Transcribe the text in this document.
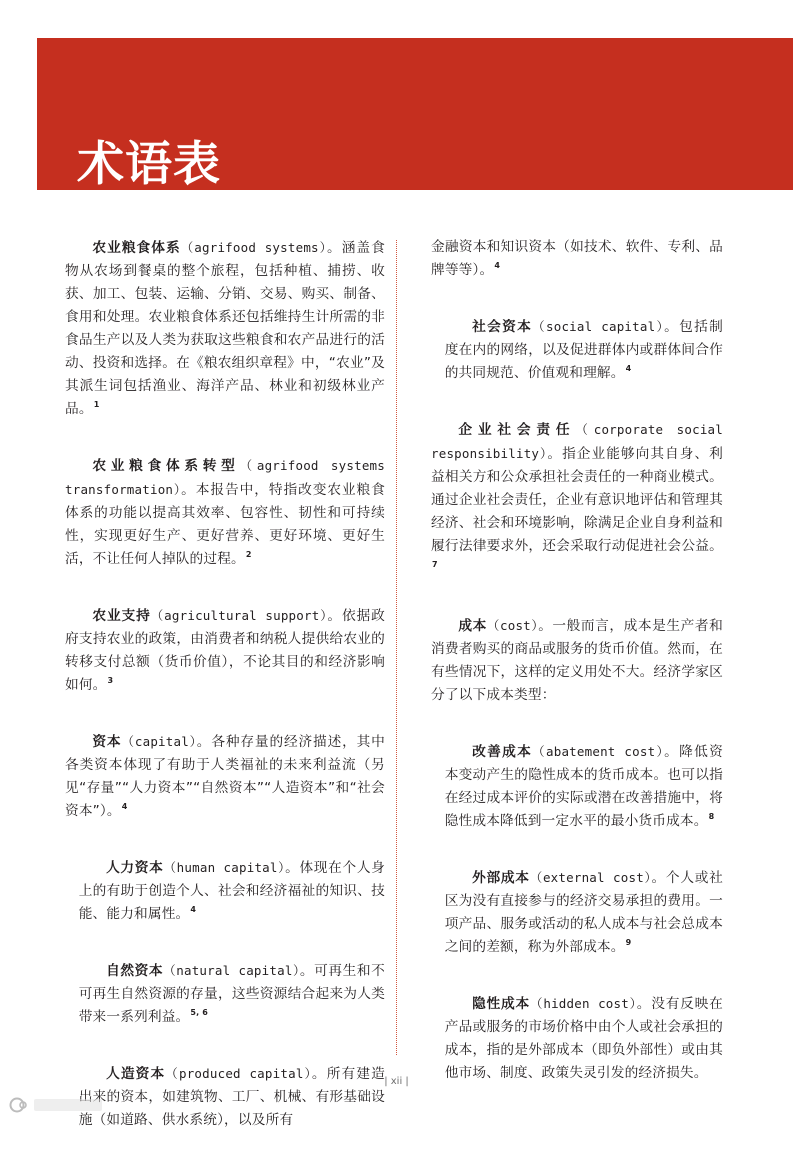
术语表

农业粮食体系（agrifood systems）。涵盖食物从农场到餐桌的整个旅程，包括种植、捕捞、收获、加工、包装、运输、分销、交易、购买、制备、食用和处理。农业粮食体系还包括维持生计所需的非食品生产以及人类为获取这些粮食和农产品进行的活动、投资和选择。在《粮农组织章程》中，“农业”及其派生词包括渔业、海洋产品、林业和初级林业产品。$^1$

农业粮食体系转型（agrifood systems transformation）。本报告中，特指改变农业粮食体系的功能以提高其效率、包容性、韧性和可持续性，实现更好生产、更好营养、更好环境、更好生活，不让任何人掉队的过程。$^2$

农业支持（agricultural support）。依据政府支持农业的政策，由消费者和纳税人提供给农业的转移支付总额（货币价值），不论其目的和经济影响如何。$^3$

资本（capital）。各种存量的经济描述，其中各类资本体现了有助于人类福祉的未来利益流（另见“存量”“人力资本”“自然资本”“人造资本”和“社会资本”）。$^4$

人力资本（human capital）。体现在个人身上的有助于创造个人、社会和经济福祉的知识、技能、能力和属性。$^4$

自然资本（natural capital）。可再生和不可再生自然资源的存量，这些资源结合起来为人类带来一系列利益。$^{5, 6}$

人造资本（produced capital）。所有建造出来的资本，如建筑物、工厂、机械、有形基础设施（如道路、供水系统），以及所有

金融资本和知识资本（如技术、软件、专利、品牌等等）。$^4$

社会资本（social capital）。包括制度在内的网络，以及促进群体内或群体间合作的共同规范、价值观和理解。$^4$

企业社会责任（corporate social responsibility）。指企业能够向其自身、利益相关方和公众承担社会责任的一种商业模式。通过企业社会责任，企业有意识地评估和管理其经济、社会和环境影响，除满足企业自身利益和履行法律要求外，还会采取行动促进社会公益。$^7$

成本（cost）。一般而言，成本是生产者和消费者购买的商品或服务的货币价值。然而，在有些情况下，这样的定义用处不大。经济学家区分了以下成本类型：

改善成本（abatement cost）。降低资本变动产生的隐性成本的货币成本。也可以指在经过成本评价的实际或潜在改善措施中，将隐性成本降低到一定水平的最小货币成本。$^8$

外部成本（external cost）。个人或社区为没有直接参与的经济交易承担的费用。一项产品、服务或活动的私人成本与社会总成本之间的差额，称为外部成本。$^9$

隐性成本（hidden cost）。没有反映在产品或服务的市场价格中由个人或社会承担的成本，指的是外部成本（即负外部性）或由其他市场、制度、政策失灵引发的经济损失。

| xii |
